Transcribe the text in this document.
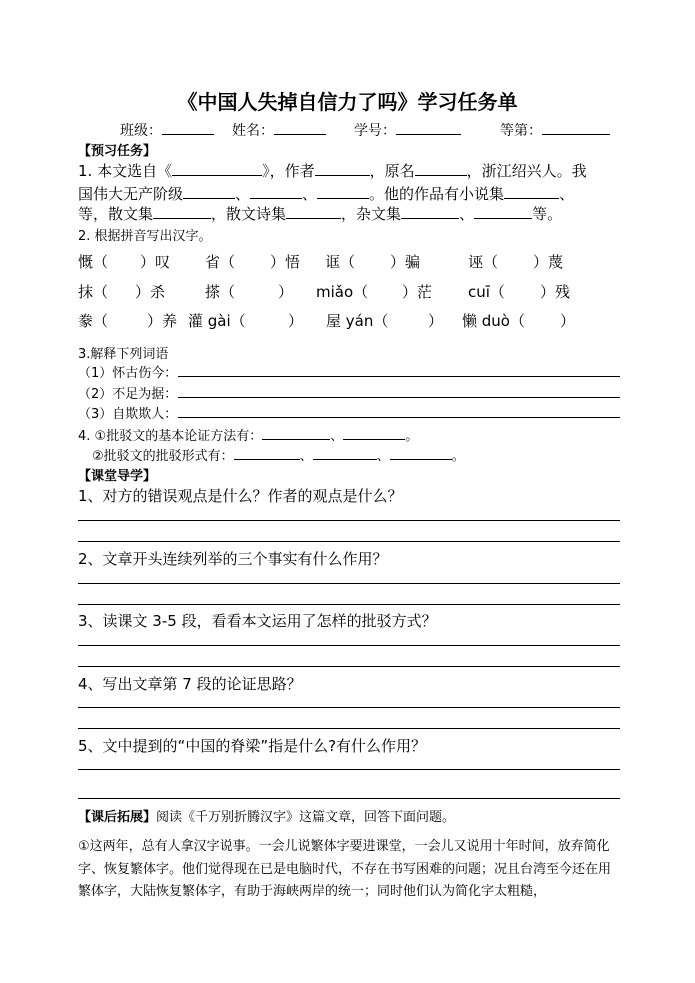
《中国人失掉自信力了吗》学习任务单
班级：	姓名：	学号：	等第：
【预习任务】
1. 本文选自《	》，作者	，原名	，浙江绍兴人。我
国伟大无产阶级	、	、	。他的作品有小说集	、
等，散文集	，散文诗集	，杂文集	、	等。
2. 根据拼音写出汉字。
慨（ ）叹 省（ ）悟 诓（ ）骗	诬（ ）蔑
抹（ ）杀	搽（	） miǎo（ ）茫 cuī（ ）残
豢（	）养 灌 gài（	） 屋 yán（	） 懒 duò（ ）
3.解释下列词语
（1）怀古伤今：
（2）不足为据：
（3）自欺欺人：
4. ①批驳文的基本论证方法有：	、	。
②批驳文的批驳形式有：	、	、	。
【课堂导学】
1、对方的错误观点是什么？作者的观点是什么？
2、文章开头连续列举的三个事实有什么作用？
3、读课文 3-5 段，看看本文运用了怎样的批驳方式？
4、写出文章第 7 段的论证思路？
5、文中提到的“中国的脊梁”指是什么?有什么作用？
【课后拓展】阅读《千万别折腾汉字》这篇文章，回答下面问题。
①这两年，总有人拿汉字说事。一会儿说繁体字要进课堂，一会儿又说用十年时间，放弃简化字、恢复繁体字。他们觉得现在已是电脑时代，不存在书写困难的问题；况且台湾至今还在用繁体字，大陆恢复繁体字，有助于海峡两岸的统一；同时他们认为简化字太粗糙，
